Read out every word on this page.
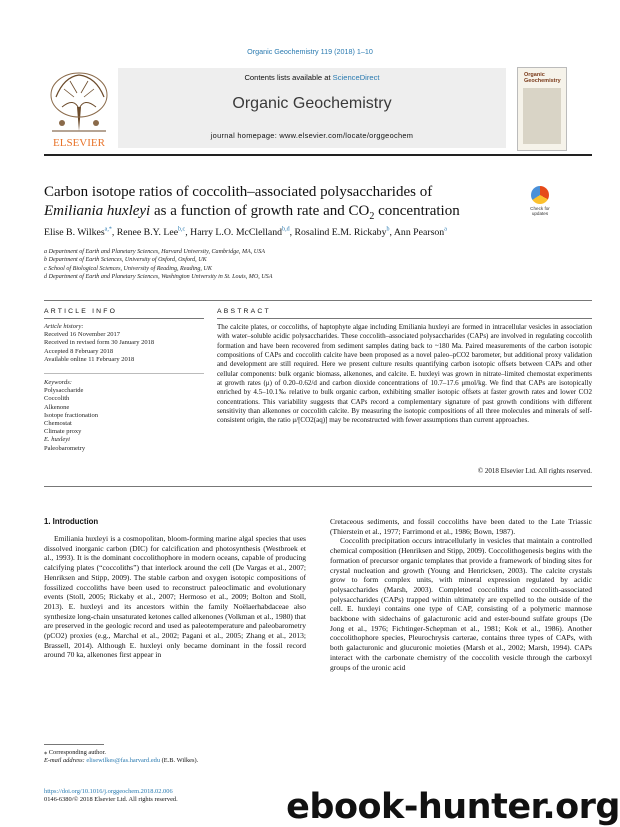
Organic Geochemistry 119 (2018) 1–10
Contents lists available at ScienceDirect
Organic Geochemistry
journal homepage: www.elsevier.com/locate/orggeochem
ELSEVIER
Organic Geochemistry
Carbon isotope ratios of coccolith–associated polysaccharides of
Emiliania huxleyi as a function of growth rate and $CO_2$ concentration	Check for updates
Elise B. Wilkes$^{a,*}$, Renee B.Y. Lee$^{b,c}$, Harry L.O. McClelland$^{b,d}$, Rosalind E.M. Rickaby$^b$, Ann Pearson$^a$
a Department of Earth and Planetary Sciences, Harvard University, Cambridge, MA, USA
b Department of Earth Sciences, University of Oxford, Oxford, UK
c School of Biological Sciences, University of Reading, Reading, UK
d Department of Earth and Planetary Sciences, Washington University in St. Louis, MO, USA
ARTICLE INFO
Article history:
Received 16 November 2017
Received in revised form 30 January 2018
Accepted 8 February 2018
Available online 11 February 2018
Keywords:
Polysaccharide
Coccolith
Alkenone
Isotope fractionation
Chemostat
Climate proxy
E. huxleyi
Paleobarometry
ABSTRACT
The calcite plates, or coccoliths, of haptophyte algae including Emiliania huxleyi are formed in intracellular vesicles in association with water–soluble acidic polysaccharides. These coccolith–associated polysaccharides (CAPs) are involved in regulating coccolith formation and have been recovered from sediment samples dating back to ~180 Ma. Paired measurements of the carbon isotopic compositions of CAPs and coccolith calcite have been proposed as a novel paleo–pCO2 barometer, but additional proxy validation and development are still required. Here we present culture results quantifying carbon isotopic offsets between CAPs and other cellular components: bulk organic biomass, alkenones, and calcite. E. huxleyi was grown in nitrate–limited chemostat experiments at growth rates (μ) of 0.20–0.62/d and carbon dioxide concentrations of 10.7–17.6 μmol/kg. We find that CAPs are isotopically enriched by 4.5–10.1‰ relative to bulk organic carbon, exhibiting smaller isotopic offsets at faster growth rates and lower CO2 concentrations. This variability suggests that CAPs record a complementary signature of past growth conditions with different sensitivity than alkenones or coccolith calcite. By measuring the isotopic compositions of all three molecules and minerals of self-consistent origin, the ratio μ/[CO2(aq)] may be reconstructed with fewer assumptions than current approaches.
© 2018 Elsevier Ltd. All rights reserved.
1. Introduction

Emiliania huxleyi is a cosmopolitan, bloom-forming marine algal species that uses dissolved inorganic carbon (DIC) for calcification and photosynthesis (Westbroek et al., 1993). It is the dominant coccolithophore in modern oceans, capable of producing calcifying plates (“coccoliths”) that interlock around the cell (De Vargas et al., 2007; Henriksen and Stipp, 2009). The stable carbon and oxygen isotopic compositions of fossilized coccoliths have been used to reconstruct paleoclimatic and evolutionary events (Stoll, 2005; Rickaby et al., 2007; Hermoso et al., 2009; Bolton and Stoll, 2013). E. huxleyi and its ancestors within the family Noëlaerhabdaceae also synthesize long-chain unsaturated ketones called alkenones (Volkman et al., 1980) that are preserved in the geologic record and used as paleotemperature and paleobarometry (pCO2) proxies (e.g., Marchal et al., 2002; Pagani et al., 2005; Zhang et al., 2013; Brassell, 2014). Although E. huxleyi only became dominant in the fossil record around 70 ka, alkenones first appear in

Cretaceous sediments, and fossil coccoliths have been dated to the Late Triassic (Thierstein et al., 1977; Farrimond et al., 1986; Bown, 1987).

Coccolith precipitation occurs intracellularly in vesicles that maintain a controlled chemical composition (Henriksen and Stipp, 2009). Coccolithogenesis begins with the formation of precursor organic templates that provide a framework of binding sites for crystal nucleation and growth (Young and Henricksen, 2003). The calcite crystals grow to form complex units, with mineral expression regulated by acidic polysaccharides (Marsh, 2003). Completed coccoliths and coccolith-associated polysaccharides (CAPs) trapped within ultimately are expelled to the outside of the cell. E. huxleyi contains one type of CAP, consisting of a polymeric mannose backbone with sidechains of galacturonic acid and ester-bound sulfate groups (De Jong et al., 1976; Fichtinger-Schepman et al., 1981; Kok et al., 1986). Another coccolithophore species, Pleurochrysis carterae, contains three types of CAPs, with both galacturonic and glucuronic moieties (Marsh et al., 2002; Marsh, 1994). CAPs interact with the carbonate chemistry of the coccolith vesicle through the carboxyl groups of the uronic acid

⁎ Corresponding author.
E-mail address: elisewilkes@fas.harvard.edu (E.B. Wilkes).
https://doi.org/10.1016/j.orggeochem.2018.02.006
0146-6380/© 2018 Elsevier Ltd. All rights reserved.	ebook-hunter.org
